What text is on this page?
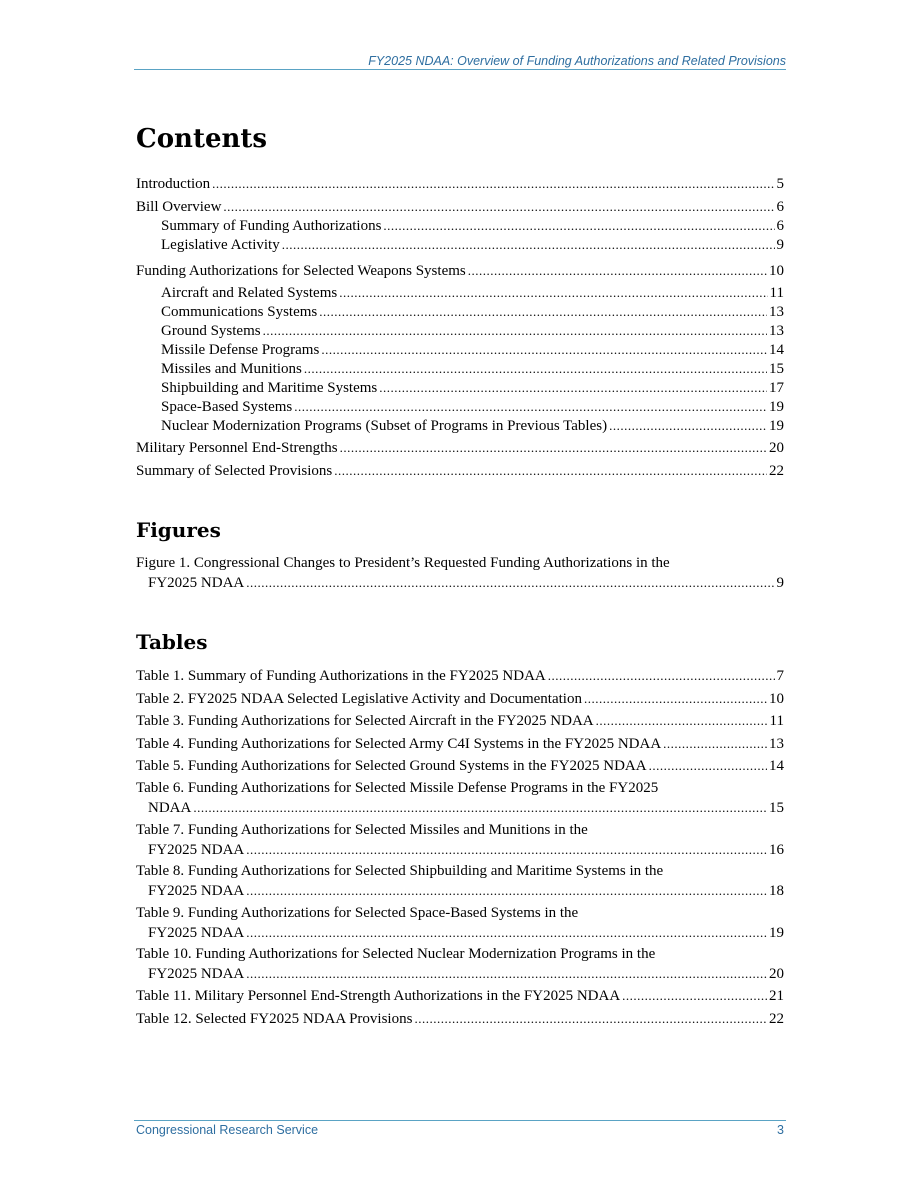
FY2025 NDAA: Overview of Funding Authorizations and Related Provisions
Contents
Introduction .....	5
Bill Overview .....	6
Summary of Funding Authorizations .....	6
Legislative Activity .....	9
Funding Authorizations for Selected Weapons Systems .....	10
Aircraft and Related Systems .....	11
Communications Systems .....	13
Ground Systems .....	13
Missile Defense Programs .....	14
Missiles and Munitions .....	15
Shipbuilding and Maritime Systems .....	17
Space-Based Systems .....	19
Nuclear Modernization Programs (Subset of Programs in Previous Tables) .....	19
Military Personnel End-Strengths .....	20
Summary of Selected Provisions .....	22
Figures
Figure 1. Congressional Changes to President’s Requested Funding Authorizations in the
FY2025 NDAA .....	9
Tables
Table 1. Summary of Funding Authorizations in the FY2025 NDAA .....	7
Table 2. FY2025 NDAA Selected Legislative Activity and Documentation .....	10
Table 3. Funding Authorizations for Selected Aircraft in the FY2025 NDAA .....	11
Table 4. Funding Authorizations for Selected Army C4I Systems in the FY2025 NDAA .....	13
Table 5. Funding Authorizations for Selected Ground Systems in the FY2025 NDAA .....	14
Table 6. Funding Authorizations for Selected Missile Defense Programs in the FY2025
NDAA .....	15
Table 7. Funding Authorizations for Selected Missiles and Munitions in the
FY2025 NDAA .....	16
Table 8. Funding Authorizations for Selected Shipbuilding and Maritime Systems in the
FY2025 NDAA .....	18
Table 9. Funding Authorizations for Selected Space-Based Systems in the
FY2025 NDAA .....	19
Table 10. Funding Authorizations for Selected Nuclear Modernization Programs in the
FY2025 NDAA .....	20
Table 11. Military Personnel End-Strength Authorizations in the FY2025 NDAA .....	21
Table 12. Selected FY2025 NDAA Provisions .....	22
Congressional Research Service	3
